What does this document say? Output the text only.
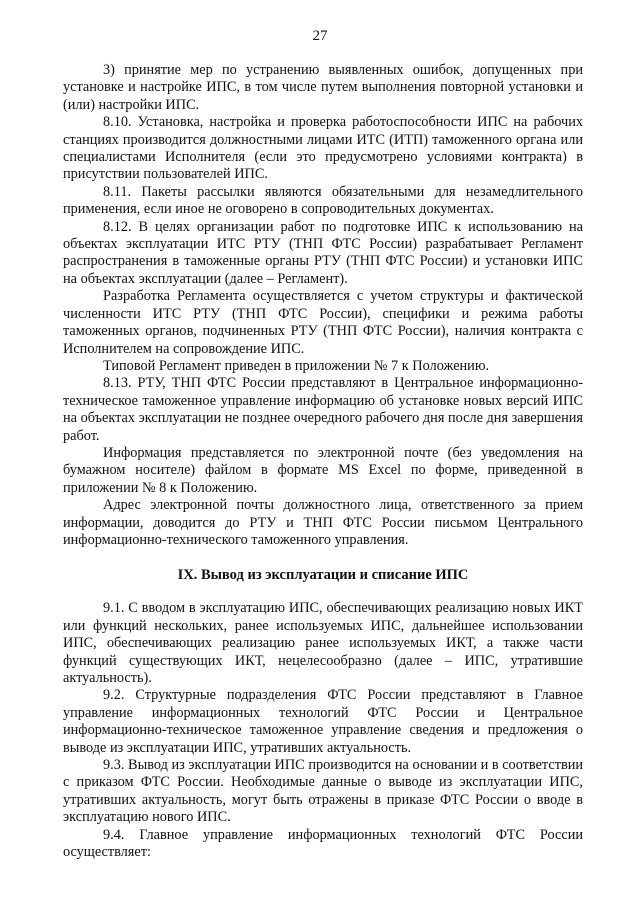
27

3) принятие мер по устранению выявленных ошибок, допущенных при установке и настройке ИПС, в том числе путем выполнения повторной установки и (или) настройки ИПС.

8.10. Установка, настройка и проверка работоспособности ИПС на рабочих станциях производится должностными лицами ИТС (ИТП) таможенного органа или специалистами Исполнителя (если это предусмотрено условиями контракта) в присутствии пользователей ИПС.

8.11. Пакеты рассылки являются обязательными для незамедлительного применения, если иное не оговорено в сопроводительных документах.

8.12. В целях организации работ по подготовке ИПС к использованию на объектах эксплуатации ИТС РТУ (ТНП ФТС России) разрабатывает Регламент распространения в таможенные органы РТУ (ТНП ФТС России) и установки ИПС на объектах эксплуатации (далее – Регламент).

Разработка Регламента осуществляется с учетом структуры и фактической численности ИТС РТУ (ТНП ФТС России), специфики и режима работы таможенных органов, подчиненных РТУ (ТНП ФТС России), наличия контракта с Исполнителем на сопровождение ИПС.

Типовой Регламент приведен в приложении № 7 к Положению.

8.13. РТУ, ТНП ФТС России представляют в Центральное информационно-техническое таможенное управление информацию об установке новых версий ИПС на объектах эксплуатации не позднее очередного рабочего дня после дня завершения работ.

Информация представляется по электронной почте (без уведомления на бумажном носителе) файлом в формате MS Excel по форме, приведенной в приложении № 8 к Положению.

Адрес электронной почты должностного лица, ответственного за прием информации, доводится до РТУ и ТНП ФТС России письмом Центрального информационно-технического таможенного управления.

IX. Вывод из эксплуатации и списание ИПС

9.1. С вводом в эксплуатацию ИПС, обеспечивающих реализацию новых ИКТ или функций нескольких, ранее используемых ИПС, дальнейшее использовании ИПС, обеспечивающих реализацию ранее используемых ИКТ, а также части функций существующих ИКТ, нецелесообразно (далее – ИПС, утратившие актуальность).

9.2. Структурные подразделения ФТС России представляют в Главное управление информационных технологий ФТС России и Центральное информационно-техническое таможенное управление сведения и предложения о выводе из эксплуатации ИПС, утративших актуальность.

9.3. Вывод из эксплуатации ИПС производится на основании и в соответствии с приказом ФТС России. Необходимые данные о выводе из эксплуатации ИПС, утративших актуальность, могут быть отражены в приказе ФТС России о вводе в эксплуатацию нового ИПС.

9.4. Главное управление информационных технологий ФТС России осуществляет:
